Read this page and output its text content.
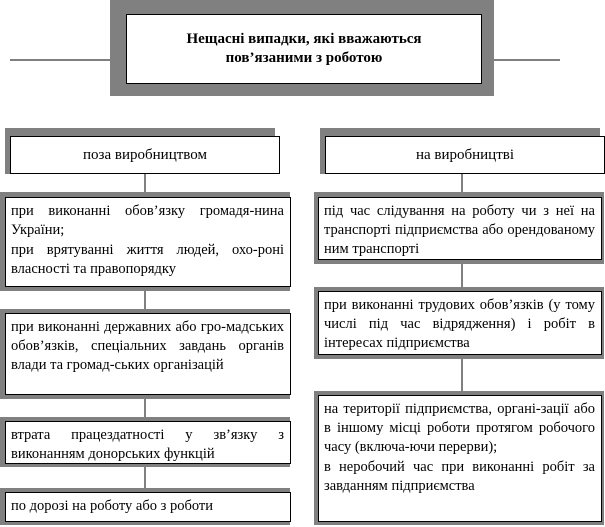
Нещасні випадки, які вважаються
пов’язаними з роботою
поза виробництвом	на виробництві

при виконанні обов’язку громадя-нина України;

при врятуванні життя людей, охо-роні власності та правопорядку

при виконанні державних або гро-мадських обов’язків, спеціальних завдань органів влади та громад-ських організацій

втрата працездатності у зв’язку з виконанням донорських функцій

по дорозі на роботу або з роботи

під час слідування на роботу чи з неї на транспорті підприємства або орендованому ним транспорті

при виконанні трудових обов’язків (у тому числі під час відрядження) і робіт в інтересах підприємства

на території підприємства, органі-зації або в іншому місці роботи протягом робочого часу (включа-ючи перерви);

в неробочий час при виконанні робіт за завданням підприємства
